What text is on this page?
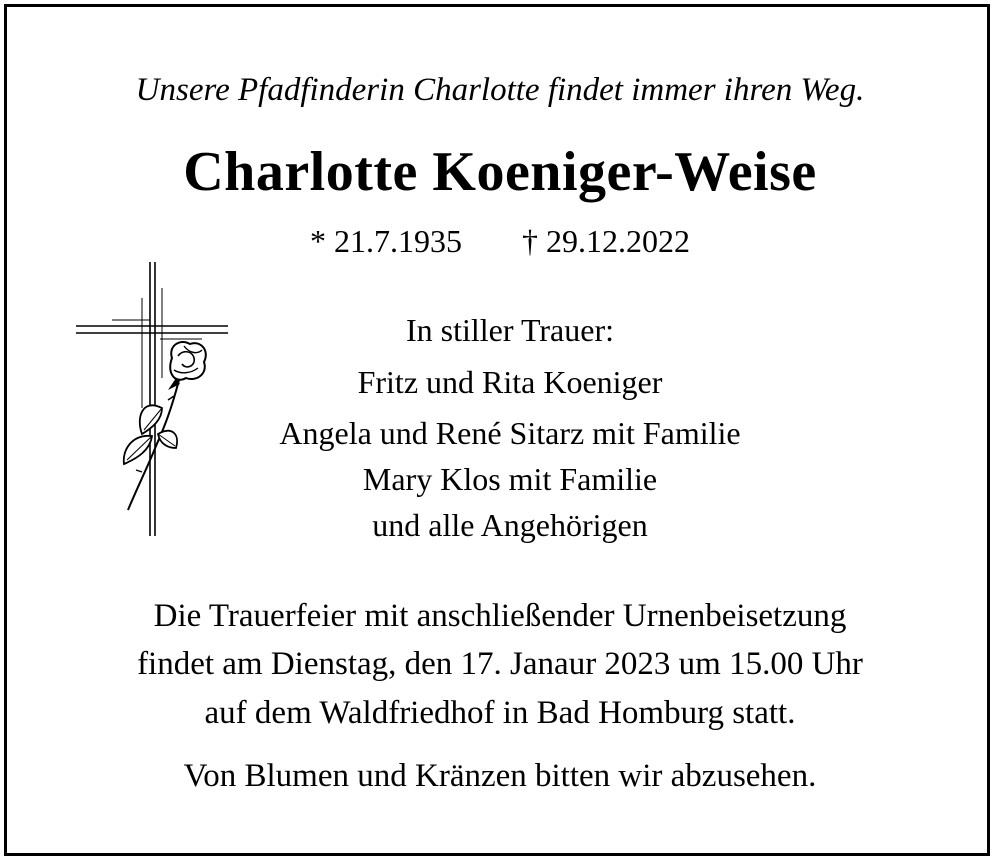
Unsere Pfadfinderin Charlotte findet immer ihren Weg.
Charlotte Koeniger-Weise
* 21.7.1935 † 29.12.2022
In stiller Trauer:
Fritz und Rita Koeniger
Angela und René Sitarz mit Familie
Mary Klos mit Familie
und alle Angehörigen
Die Trauerfeier mit anschließender Urnenbeisetzung
findet am Dienstag, den 17. Janaur 2023 um 15.00 Uhr
auf dem Waldfriedhof in Bad Homburg statt.
Von Blumen und Kränzen bitten wir abzusehen.
